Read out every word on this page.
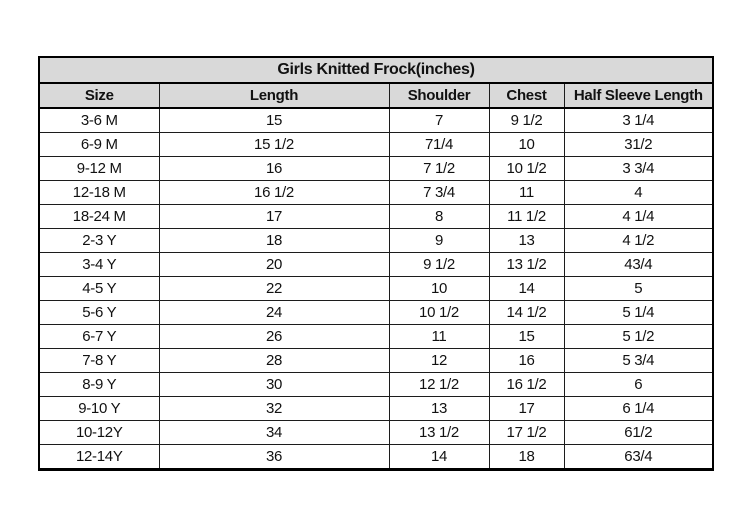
Girls Knitted Frock(inches)				
Size	Length	Shoulder	Chest	Half Sleeve Length
3-6 M	15	7	9 1/2	3 1/4
6-9 M	15 1/2	71/4	10	31/2
9-12 M	16	7 1/2	10 1/2	3 3/4
12-18 M	16 1/2	7 3/4	11	4
18-24 M	17	8	11 1/2	4 1/4
2-3 Y	18	9	13	4 1/2
3-4 Y	20	9 1/2	13 1/2	43/4
4-5 Y	22	10	14	5
5-6 Y	24	10 1/2	14 1/2	5 1/4
6-7 Y	26	11	15	5 1/2
7-8 Y	28	12	16	5 3/4
8-9 Y	30	12 1/2	16 1/2	6
9-10 Y	32	13	17	6 1/4
10-12Y	34	13 1/2	17 1/2	61/2
12-14Y	36	14	18	63/4
